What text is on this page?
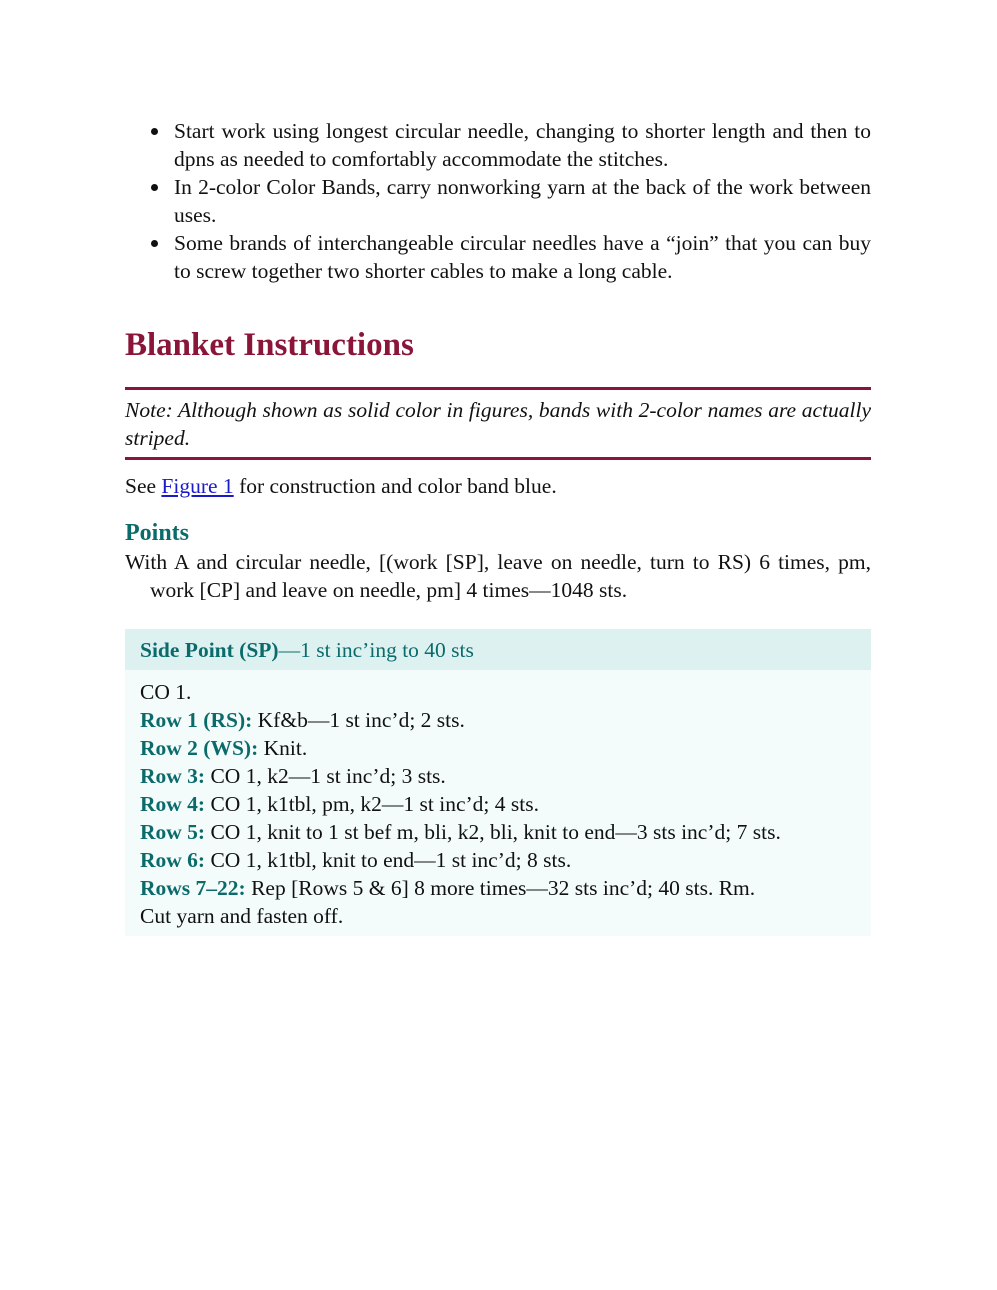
Start work using longest circular needle, changing to shorter length and then to dpns as needed to comfortably accommodate the stitches.
In 2-color Color Bands, carry nonworking yarn at the back of the work between uses.
Some brands of interchangeable circular needles have a “join” that you can buy to screw together two shorter cables to make a long cable.
Blanket Instructions
Note: Although shown as solid color in figures, bands with 2-color names are actually striped.
See Figure 1 for construction and color band blue.
Points
With A and circular needle, [(work [SP], leave on needle, turn to RS) 6 times, pm, work [CP] and leave on needle, pm] 4 times—1048 sts.
Side Point (SP)—1 st inc’ing to 40 sts
CO 1.
Row 1 (RS): Kf&b—1 st inc’d; 2 sts.
Row 2 (WS): Knit.
Row 3: CO 1, k2—1 st inc’d; 3 sts.
Row 4: CO 1, k1tbl, pm, k2—1 st inc’d; 4 sts.
Row 5: CO 1, knit to 1 st bef m, bli, k2, bli, knit to end—3 sts inc’d; 7 sts.
Row 6: CO 1, k1tbl, knit to end—1 st inc’d; 8 sts.
Rows 7–22: Rep [Rows 5 & 6] 8 more times—32 sts inc’d; 40 sts. Rm.
Cut yarn and fasten off.
